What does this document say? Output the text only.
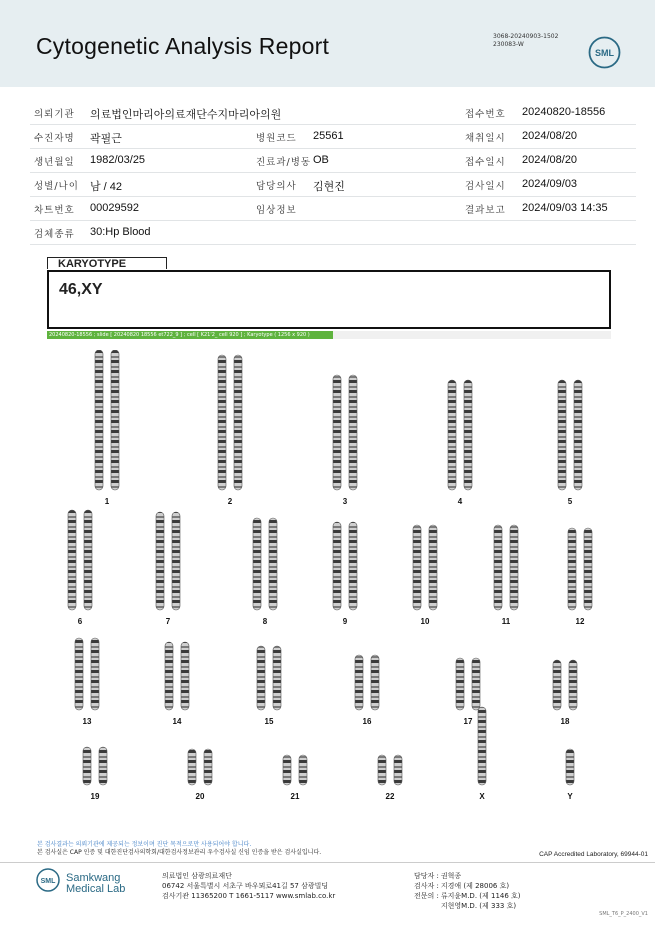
Cytogenetic Analysis Report	3068-20240903-1502
230083-W
SML
의뢰기관 의료법인마리아의료재단수지마리아의원	접수번호 20240820-18556
수진자명 곽필근	병원코드 25561	채취일시 2024/08/20
생년월일 1982/03/25	진료과/병동 OB	접수일시 2024/08/20
성별/나이 남 / 42	담당의사 김현진	검사일시 2024/09/03
차트번호 00029592	임상정보	결과보고 2024/09/03 14:35
검체종류 30:Hp Blood
KARYOTYPE
46,XY
20240820-18556 ; slide [ 20240820 18556 et722_9 ] ; cell [ K21'2_ cell 920 ] ; Karyotype ( 1256 x 920 )
1	2	3	4	5
6	7	8	9	10	11	12
13	14	15	16	17	18
19	20	21	22	X	Y
본 검사결과는 의뢰기관에 제공되는 정보이며 진단 목적으로만 사용되어야 합니다.
본 검사실은 CAP 인증 및 대한진단검사의학회/대한검사정보관리 우수검사실 신임 인증을 받은 검사실입니다.	CAP Accredited Laboratory, 69944-01
SML Samkwang
Medical Lab
의료법인 삼광의료재단
06742 서울특별시 서초구 바우뫼로41길 57 삼광빌딩
검사기관 11365200 T 1661-5117 www.smlab.co.kr
담당자 :	권혁종
검사자 :	지경애 (제 28006 호)
전문의 :	류지윤M.D. (제 1146 호)
	지현영M.D. (제 333 호)
SML_T6_P_2400_V1
